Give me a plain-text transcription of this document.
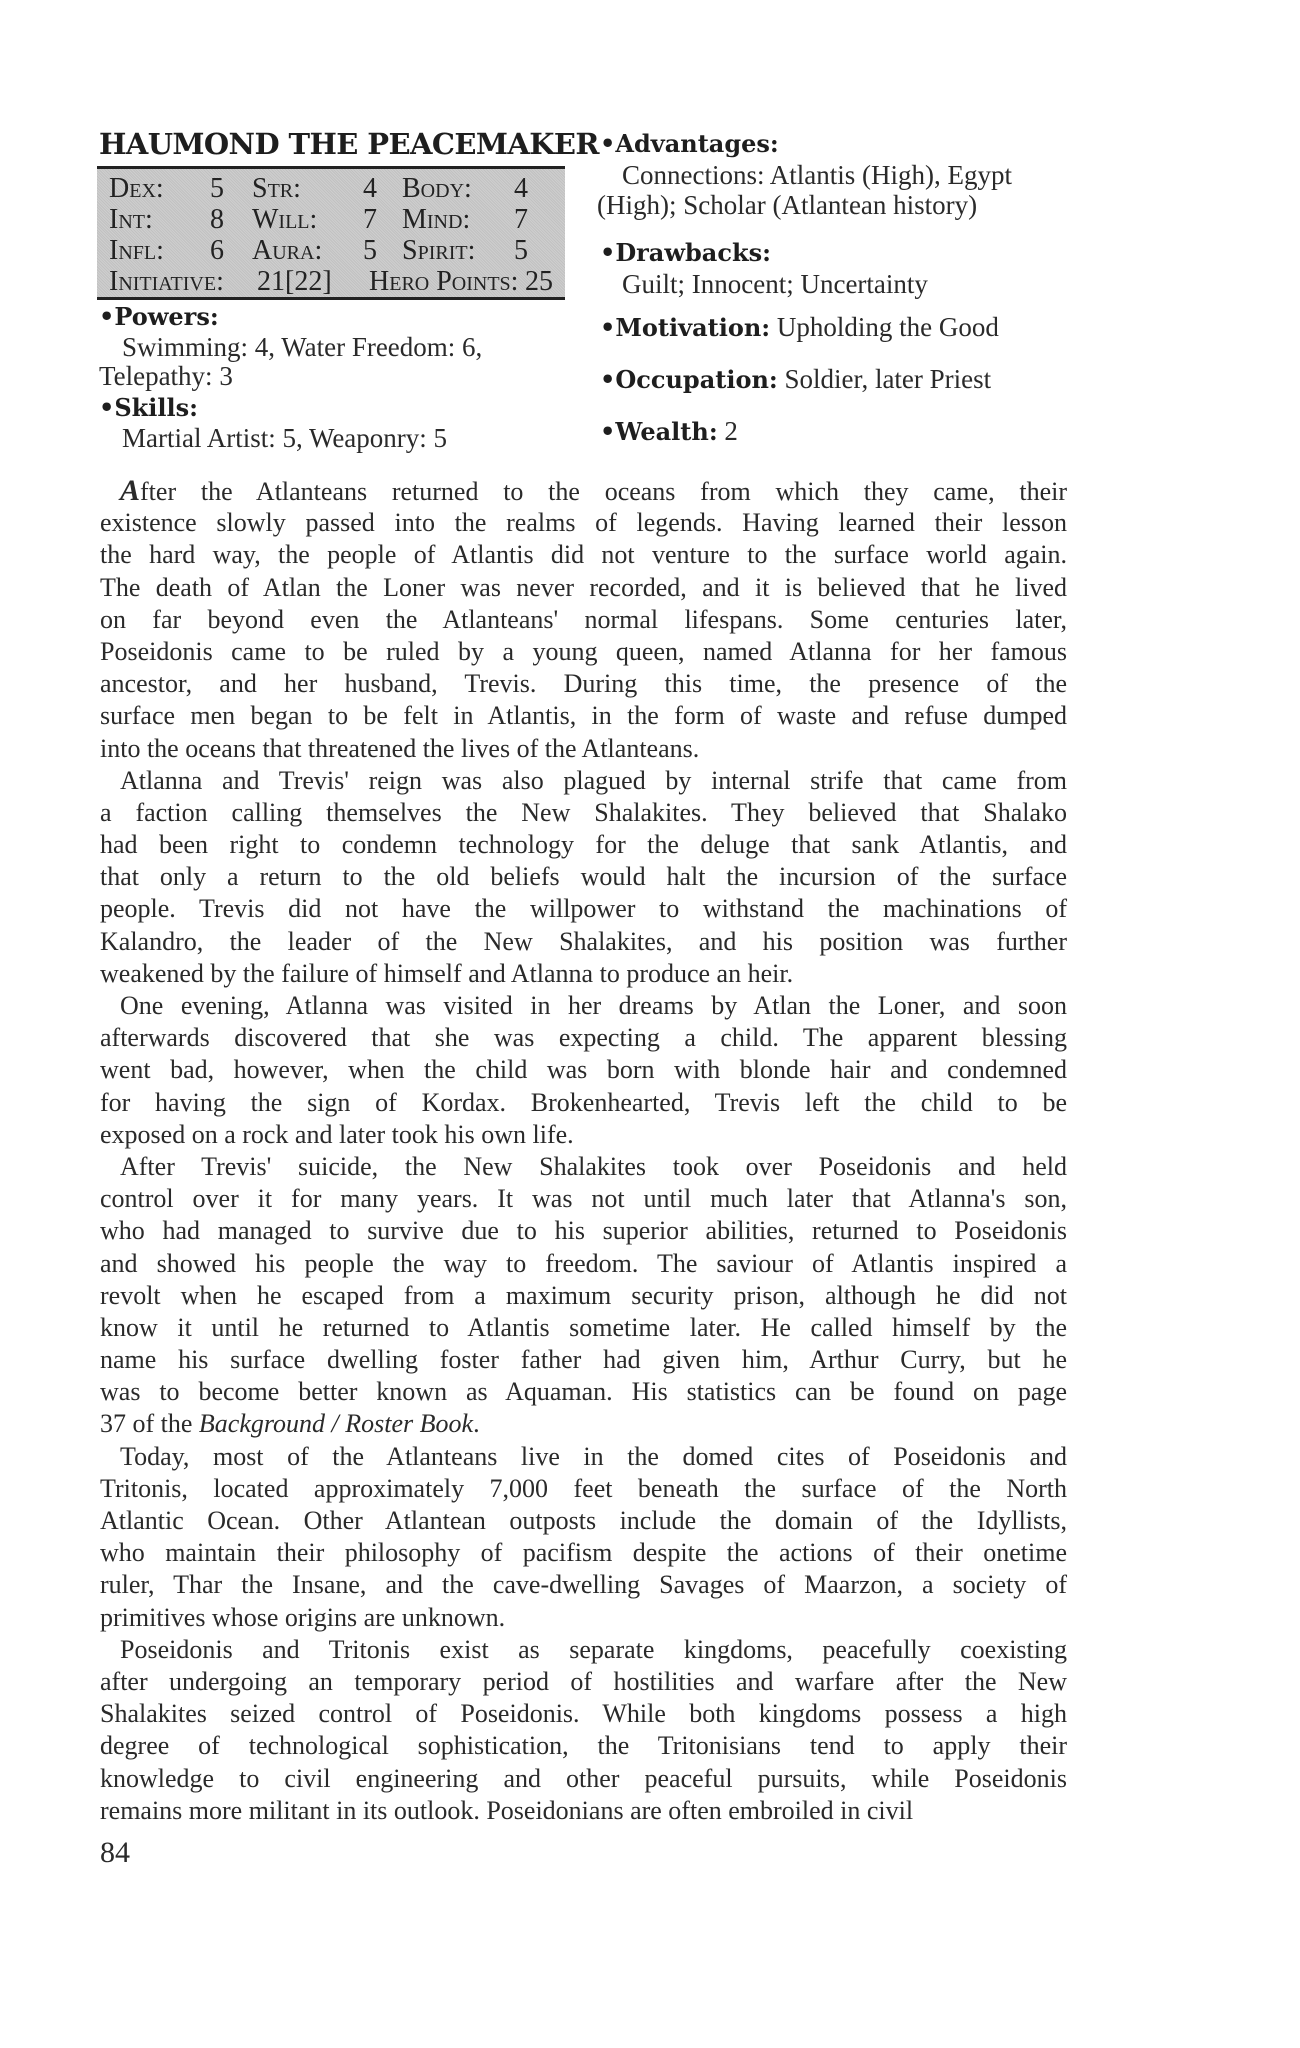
HAUMOND THE PEACEMAKER
Dex: 5 Str: 4 Body: 4
Int: 8 Will: 7 Mind: 7
Infl: 6 Aura: 5 Spirit: 5
Initiative: 21[22] Hero Points: 25
•Powers:
Swimming: 4, Water Freedom: 6,
Telepathy: 3
•Skills:
Martial Artist: 5, Weaponry: 5
•Advantages:
Connections: Atlantis (High), Egypt
(High); Scholar (Atlantean history)
•Drawbacks:
Guilt; Innocent; Uncertainty
•Motivation: Upholding the Good
•Occupation: Soldier, later Priest
•Wealth: 2
After the Atlanteans returned to the oceans from which they came, their
existence slowly passed into the realms of legends. Having learned their lesson
the hard way, the people of Atlantis did not venture to the surface world again.
The death of Atlan the Loner was never recorded, and it is believed that he lived
on far beyond even the Atlanteans' normal lifespans. Some centuries later,
Poseidonis came to be ruled by a young queen, named Atlanna for her famous
ancestor, and her husband, Trevis. During this time, the presence of the
surface men began to be felt in Atlantis, in the form of waste and refuse dumped
into the oceans that threatened the lives of the Atlanteans.
Atlanna and Trevis' reign was also plagued by internal strife that came from
a faction calling themselves the New Shalakites. They believed that Shalako
had been right to condemn technology for the deluge that sank Atlantis, and
that only a return to the old beliefs would halt the incursion of the surface
people. Trevis did not have the willpower to withstand the machinations of
Kalandro, the leader of the New Shalakites, and his position was further
weakened by the failure of himself and Atlanna to produce an heir.
One evening, Atlanna was visited in her dreams by Atlan the Loner, and soon
afterwards discovered that she was expecting a child. The apparent blessing
went bad, however, when the child was born with blonde hair and condemned
for having the sign of Kordax. Brokenhearted, Trevis left the child to be
exposed on a rock and later took his own life.
After Trevis' suicide, the New Shalakites took over Poseidonis and held
control over it for many years. It was not until much later that Atlanna's son,
who had managed to survive due to his superior abilities, returned to Poseidonis
and showed his people the way to freedom. The saviour of Atlantis inspired a
revolt when he escaped from a maximum security prison, although he did not
know it until he returned to Atlantis sometime later. He called himself by the
name his surface dwelling foster father had given him, Arthur Curry, but he
was to become better known as Aquaman. His statistics can be found on page
37 of the Background / Roster Book.
Today, most of the Atlanteans live in the domed cites of Poseidonis and
Tritonis, located approximately 7,000 feet beneath the surface of the North
Atlantic Ocean. Other Atlantean outposts include the domain of the Idyllists,
who maintain their philosophy of pacifism despite the actions of their onetime
ruler, Thar the Insane, and the cave-dwelling Savages of Maarzon, a society of
primitives whose origins are unknown.
Poseidonis and Tritonis exist as separate kingdoms, peacefully coexisting
after undergoing an temporary period of hostilities and warfare after the New
Shalakites seized control of Poseidonis. While both kingdoms possess a high
degree of technological sophistication, the Tritonisians tend to apply their
knowledge to civil engineering and other peaceful pursuits, while Poseidonis
remains more militant in its outlook. Poseidonians are often embroiled in civil
84
